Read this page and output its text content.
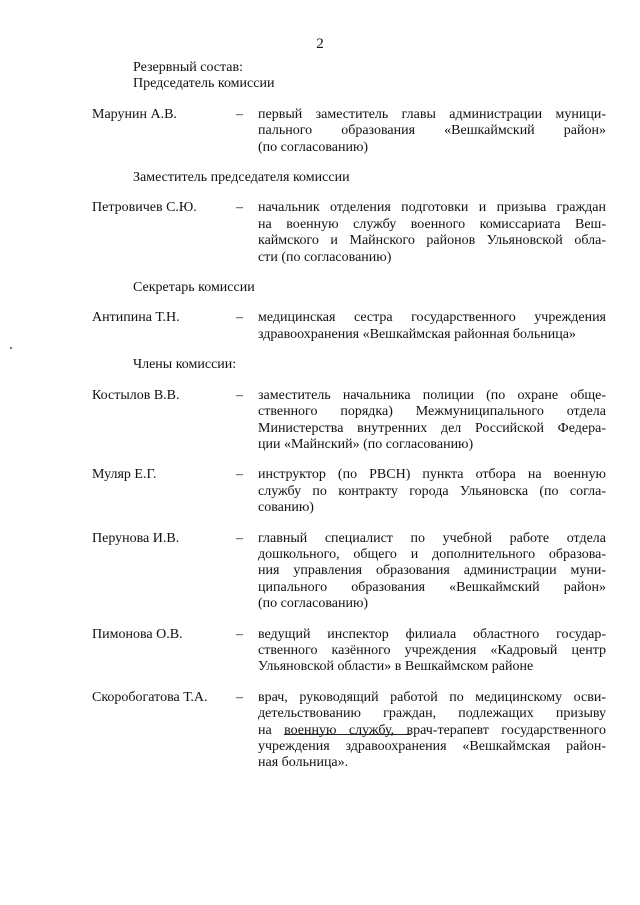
2
Резервный состав:
Председатель комиссии
Марунин А.В.	–	первый заместитель главы администрации муници-
пального образования «Вешкаймский район»
(по согласованию)
Заместитель председателя комиссии
Петровичев С.Ю.	–	начальник отделения подготовки и призыва граждан
на военную службу военного комиссариата Веш-
каймского и Майнского районов Ульяновской обла-
сти (по согласованию)
Секретарь комиссии
Антипина Т.Н.	–	медицинская сестра государственного учреждения
здравоохранения «Вешкаймская районная больница»
Члены комиссии:
Костылов В.В.	–	заместитель начальника полиции (по охране обще-
ственного порядка) Межмуниципального отдела
Министерства внутренних дел Российской Федера-
ции «Майнский» (по согласованию)
Муляр Е.Г.	–	инструктор (по РВСН) пункта отбора на военную
службу по контракту города Ульяновска (по согла-
сованию)
Перунова И.В.	–	главный специалист по учебной работе отдела
дошкольного, общего и дополнительного образова-
ния управления образования администрации муни-
ципального образования «Вешкаймский район»
(по согласованию)
Пимонова О.В.	–	ведущий инспектор филиала областного государ-
ственного казённого учреждения «Кадровый центр
Ульяновской области» в Вешкаймском районе
Скоробогатова Т.А.	–	врач, руководящий работой по медицинскому осви-
детельствованию граждан, подлежащих призыву
на военную службу, врач-терапевт государственного
учреждения здравоохранения «Вешкаймская район-
ная больница».
